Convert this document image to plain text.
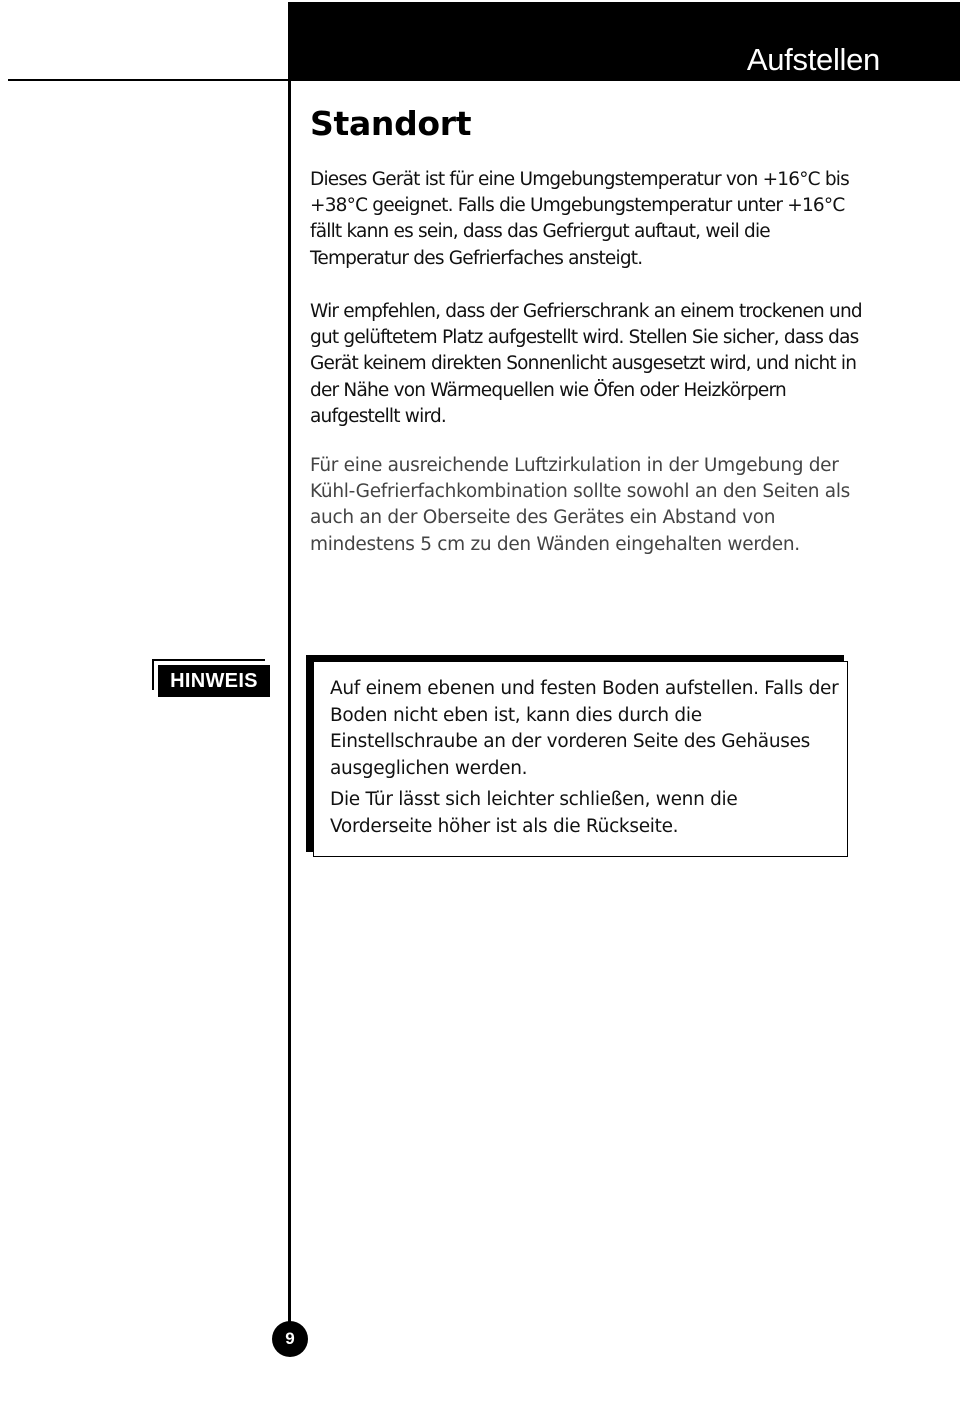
Aufstellen
Standort

Dieses Gerät ist für eine Umgebungstemperatur von +16°C bis +38°C geeignet. Falls die Umgebungstemperatur unter +16°C fällt kann es sein, dass das Gefriergut auftaut, weil die Temperatur des Gefrierfaches ansteigt.

Wir empfehlen, dass der Gefrierschrank an einem trockenen und gut gelüftetem Platz aufgestellt wird. Stellen Sie sicher, dass das Gerät keinem direkten Sonnenlicht ausgesetzt wird, und nicht in der Nähe von Wärmequellen wie Öfen oder Heizkörpern aufgestellt wird.

Für eine ausreichende Luftzirkulation in der Umgebung der Kühl-Gefrierfachkombination sollte sowohl an den Seiten als auch an der Oberseite des Gerätes ein Abstand von mindestens 5 cm zu den Wänden eingehalten werden.

HINWEIS	Auf einem ebenen und festen Boden aufstellen. Falls der Boden nicht eben ist, kann dies durch die Einstellschraube an der vorderen Seite des Gehäuses ausgeglichen werden.

Die Tür lässt sich leichter schließen, wenn die Vorderseite höher ist als die Rückseite.

9
